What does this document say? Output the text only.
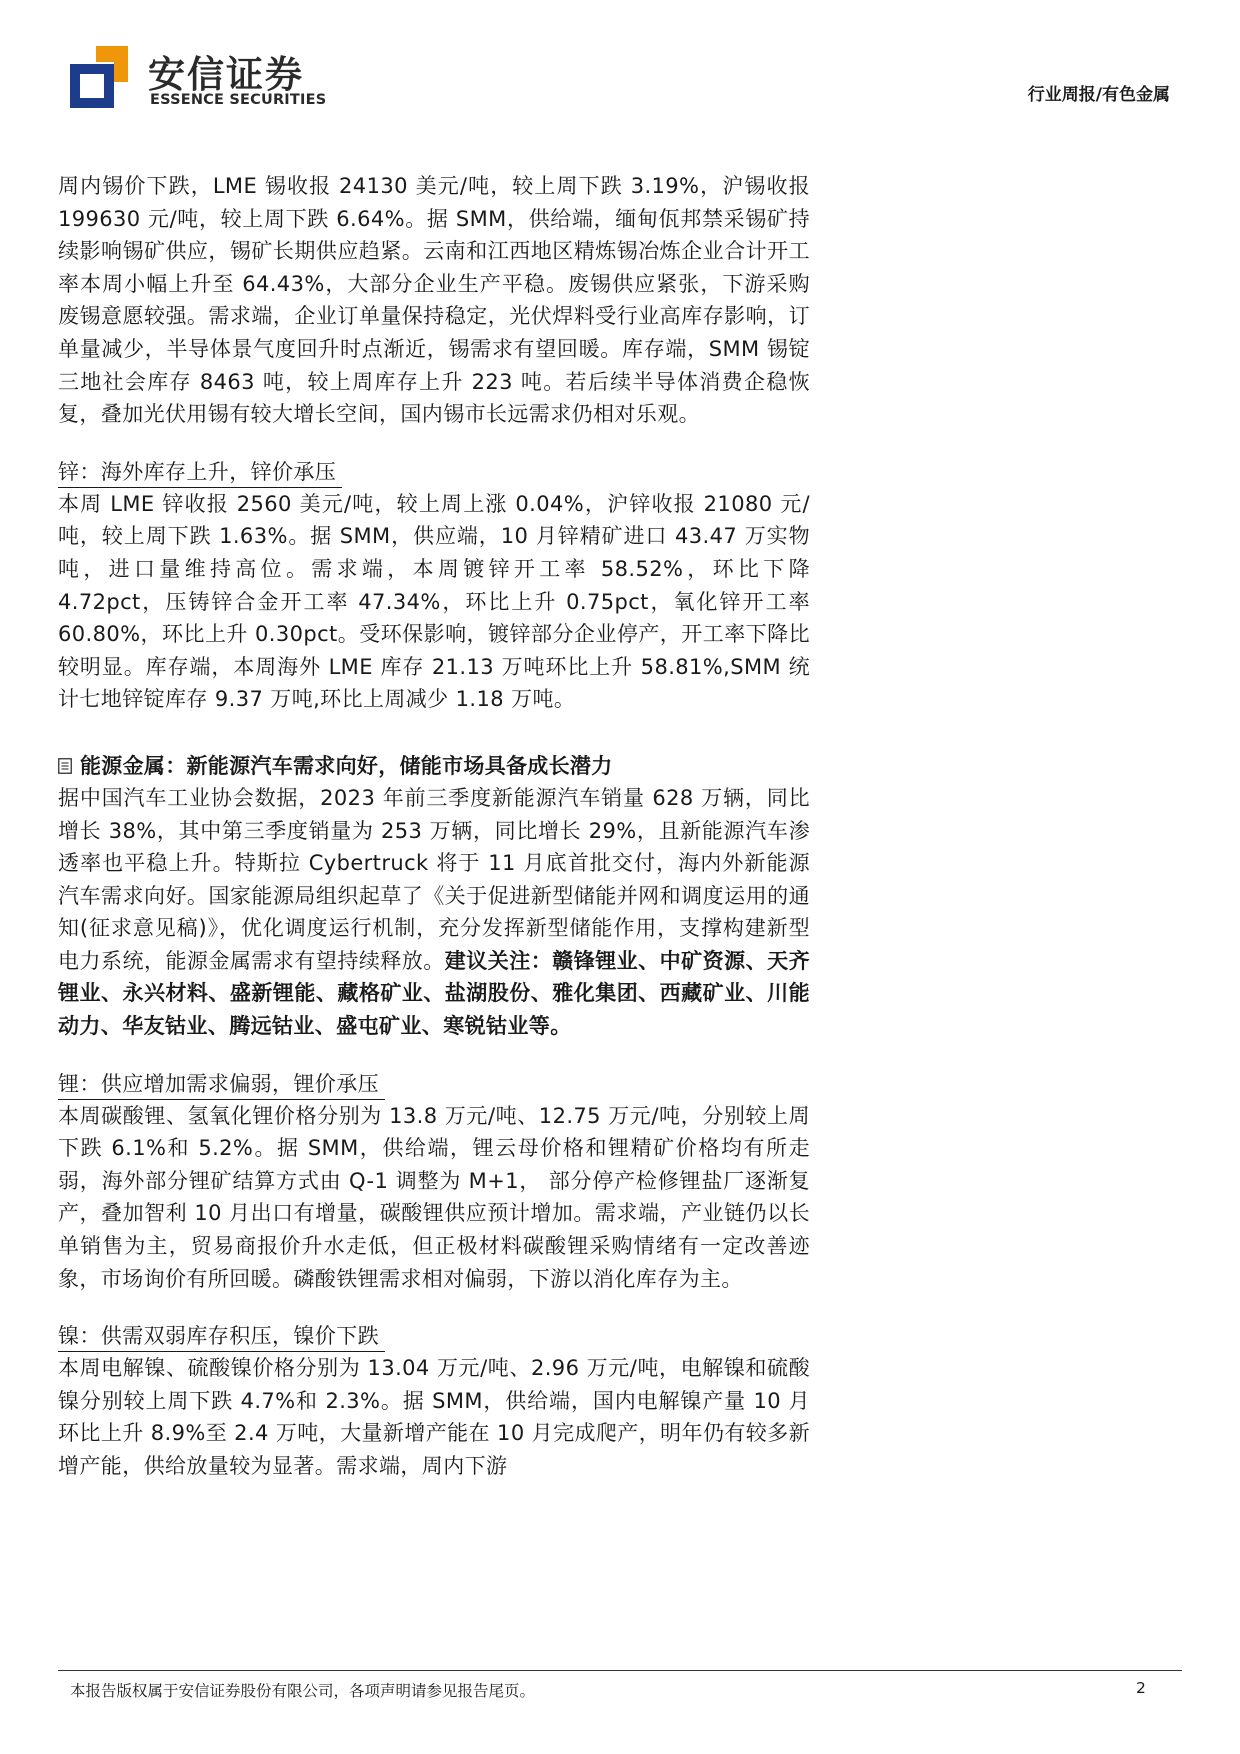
安信证券
ESSENCE SECURITIES	行业周报/有色金属

周内锡价下跌，LME 锡收报 24130 美元/吨，较上周下跌 3.19%，沪锡收报 199630 元/吨，较上周下跌 6.64%。据 SMM，供给端，缅甸佤邦禁采锡矿持续影响锡矿供应，锡矿长期供应趋紧。云南和江西地区精炼锡冶炼企业合计开工率本周小幅上升至 64.43%，大部分企业生产平稳。废锡供应紧张，下游采购废锡意愿较强。需求端，企业订单量保持稳定，光伏焊料受行业高库存影响，订单量减少，半导体景气度回升时点渐近，锡需求有望回暖。库存端，SMM 锡锭三地社会库存 8463 吨，较上周库存上升 223 吨。若后续半导体消费企稳恢复，叠加光伏用锡有较大增长空间，国内锡市长远需求仍相对乐观。

锌：海外库存上升，锌价承压

本周 LME 锌收报 2560 美元/吨，较上周上涨 0.04%，沪锌收报 21080 元/吨，较上周下跌 1.63%。据 SMM，供应端，10 月锌精矿进口 43.47 万实物吨，进口量维持高位。需求端，本周镀锌开工率 58.52%，环比下降 4.72pct，压铸锌合金开工率 47.34%，环比上升 0.75pct，氧化锌开工率 60.80%，环比上升 0.30pct。受环保影响，镀锌部分企业停产，开工率下降比较明显。库存端，本周海外 LME 库存 21.13 万吨环比上升 58.81%,SMM 统计七地锌锭库存 9.37 万吨,环比上周减少 1.18 万吨。

能源金属：新能源汽车需求向好，储能市场具备成长潜力

据中国汽车工业协会数据，2023 年前三季度新能源汽车销量 628 万辆，同比增长 38%，其中第三季度销量为 253 万辆，同比增长 29%，且新能源汽车渗透率也平稳上升。特斯拉 Cybertruck 将于 11 月底首批交付，海内外新能源汽车需求向好。国家能源局组织起草了《关于促进新型储能并网和调度运用的通知(征求意见稿)》，优化调度运行机制，充分发挥新型储能作用，支撑构建新型电力系统，能源金属需求有望持续释放。建议关注：赣锋锂业、中矿资源、天齐锂业、永兴材料、盛新锂能、藏格矿业、盐湖股份、雅化集团、西藏矿业、川能动力、华友钴业、腾远钴业、盛屯矿业、寒锐钴业等。

锂：供应增加需求偏弱，锂价承压

本周碳酸锂、氢氧化锂价格分别为 13.8 万元/吨、12.75 万元/吨，分别较上周下跌 6.1%和 5.2%。据 SMM，供给端，锂云母价格和锂精矿价格均有所走弱，海外部分锂矿结算方式由 Q-1 调整为 M+1， 部分停产检修锂盐厂逐渐复产，叠加智利 10 月出口有增量，碳酸锂供应预计增加。需求端，产业链仍以长单销售为主，贸易商报价升水走低，但正极材料碳酸锂采购情绪有一定改善迹象，市场询价有所回暖。磷酸铁锂需求相对偏弱，下游以消化库存为主。

镍：供需双弱库存积压，镍价下跌

本周电解镍、硫酸镍价格分别为 13.04 万元/吨、2.96 万元/吨，电解镍和硫酸镍分别较上周下跌 4.7%和 2.3%。据 SMM，供给端，国内电解镍产量 10 月环比上升 8.9%至 2.4 万吨，大量新增产能在 10 月完成爬产，明年仍有较多新增产能，供给放量较为显著。需求端，周内下游

本报告版权属于安信证券股份有限公司，各项声明请参见报告尾页。	2
